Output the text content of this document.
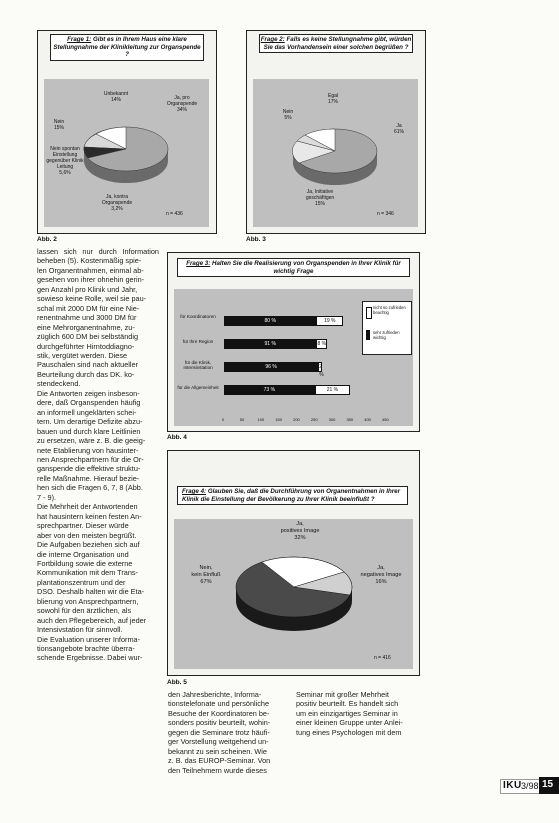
Frage 1: Gibt es in Ihrem Haus eine klare Stellungnahme der Klinikleitung zur Organspende ?
Unbekannt
14%	Ja, pro
Organspende
34%
Nein
15%
Nein spontan
Einstellung
gegenüber Klinik
Leitung
5,6%
Ja, kontra
Organspende
3,2%
n = 436
Abb. 2
Frage 2: Falls es keine Stellungnahme gibt, würden Sie das Vorhandensein einer solchen begrüßen ?
Egal
17%
Nein
5%
Ja
61%
Ja, Initiative
geschäftigen
15%
n = 346
Abb. 3

lassen sich nur durch Information beheben (5). Kostenmäßig spie-

len Organentnahmen, einmal ab-

gesehen von ihrer ohnehin gerin-

gen Anzahl pro Klinik und Jahr,

sowieso keine Rolle, weil sie pau-

schal mit 2000 DM für eine Nie-

renentnahme und 3000 DM für

eine Mehrorganentnahme, zu-

züglich 600 DM bei selbständig

durchgeführter Hirntoddiagno-

stik, vergütet werden. Diese

Pauschalen sind nach aktueller

Beurteilung durch das DK. ko-

stendeckend.

Die Antworten zeigen insbeson-

dere, daß Organspenden häufig

an informell ungeklärten schei-

tern. Um derartige Defizite abzu-

bauen und durch klare Leitlinien

zu ersetzen, wäre z. B. die geeig-

nete Etablierung von hausinter-

nen Ansprechpartnern für die Or-

ganspende die effektive struktu-

relle Maßnahme. Hierauf bezie-

hen sich die Fragen 6, 7, 8 (Abb.

7 - 9).

Die Mehrheit der Antwortenden

hat hausintern keinen festen An-

sprechpartner. Dieser würde

aber von den meisten begrüßt.

Die Aufgaben beziehen sich auf

die interne Organisation und

Fortbildung sowie die externe

Kommunikation mit dem Trans-

plantationszentrum und der

DSO. Deshalb halten wir die Eta-

blierung von Ansprechpartnern,

sowohl für den ärztlichen, als

auch den Pflegebereich, auf jeder

Intensivstation für sinnvoll.

Die Evaluation unserer Informa-

tionsangebote brachte überra-

schende Ergebnisse. Dabei wur-

Frage 3: Halten Sie die Realisierung von Organspenden in Ihrer Klinik für wichtig Frage
für Koordinatoren
für Ihre Region
für die Klinik, Intensivstation
für die Allgemeinheit
80 %	19 %
91 %	8 %
96 %	2 %
73 %	21 %
0	50	100	150	200	250	300	350	400	450
nicht so zufrieden
beachtig
sehr zufrieden
wichtig
Abb. 4
Frage 4: Glauben Sie, daß die Durchführung von Organentnahmen in Ihrer Klinik die Einstellung der Bevölkerung zu Ihrer Klinik beeinflußt ?
Ja,
positives Image
32%
Nein,
kein Einfluß
67%
Ja,
negatives Image
16%
n = 416
Abb. 5

den Jahresberichte, Informa-

tionstelefonate und persönliche

Besuche der Koordinatoren be-

sonders positiv beurteilt, wohin-

gegen die Seminare trotz häufi-

ger Vorstellung weitgehend un-

bekannt zu sein scheinen. Wie

z. B. das EUROP-Seminar. Von

den Teilnehmern wurde dieses

Seminar mit großer Mehrheit

positiv beurteilt. Es handelt sich

um ein einzigartiges Seminar in

einer kleinen Gruppe unter Anlei-

tung eines Psychologen mit dem

IKU 3/98 15
